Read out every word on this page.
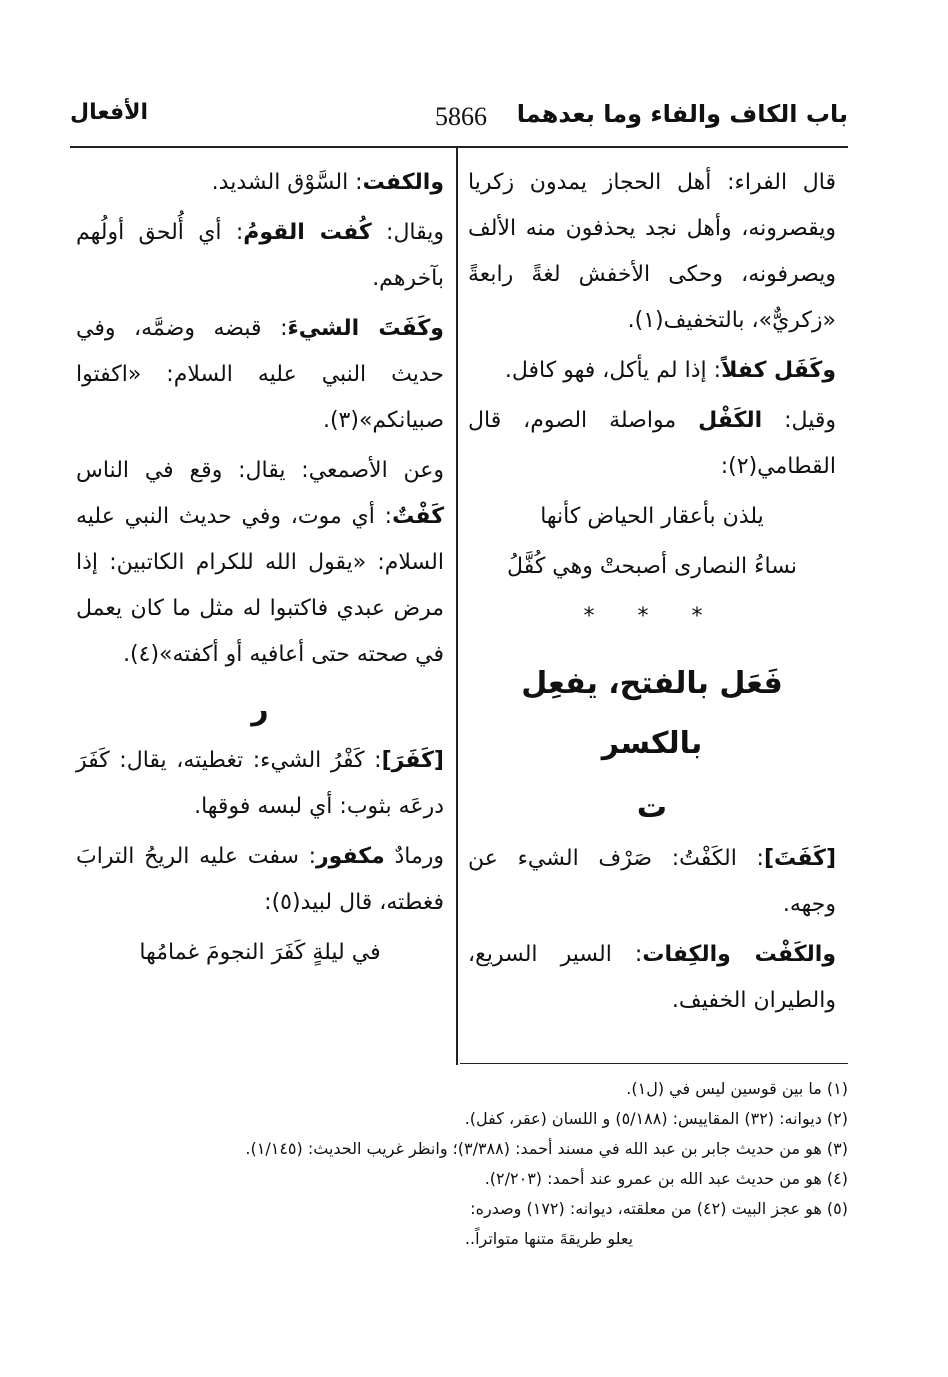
باب الكاف والفاء وما بعدهما
5866
الأفعال

قال الفراء: أهل الحجاز يمدون زكريا ويقصرونه، وأهل نجد يحذفون منه الألف ويصرفونه، وحكى الأخفش لغةً رابعةً «زكريٌّ»، بالتخفيف(١).

وكَفَل كفلاً: إذا لم يأكل، فهو كافل.

وقيل: الكَفْل مواصلة الصوم، قال القطامي(٢):

يلذن بأعقار الحياض كأنها

نساءُ النصارى أصبحتْ وهي كُفَّلُ

* * *

فَعَل بالفتح، يفعِل بالكسر
ت

[كَفَتَ]: الكَفْتُ: صَرْف الشيء عن وجهه.

والكَفْت والكِفات: السير السريع، والطيران الخفيف.

والكفت: السَّوْق الشديد.

ويقال: كُفت القومُ: أي أُلحق أولُهم بآخرهم.

وكَفَتَ الشيءَ: قبضه وضمَّه، وفي حديث النبي عليه السلام: «اكفتوا صبيانكم»(٣).

وعن الأصمعي: يقال: وقع في الناس كَفْتٌ: أي موت، وفي حديث النبي عليه السلام: «يقول الله للكرام الكاتبين: إذا مرض عبدي فاكتبوا له مثل ما كان يعمل في صحته حتى أعافيه أو أكفته»(٤).

ر

[كَفَرَ]: كَفْرُ الشيء: تغطيته، يقال: كَفَرَ درعَه بثوب: أي لبسه فوقها.

ورمادٌ مكفور: سفت عليه الريحُ الترابَ فغطته، قال لبيد(٥):

في ليلةٍ كَفَرَ النجومَ غمامُها

(١) ما بين قوسين ليس في (ل١).

(٢) ديوانه: (٣٢) المقاييس: (٥/١٨٨) و اللسان (عقر، كفل).

(٣) هو من حديث جابر بن عبد الله في مسند أحمد: (٣/٣٨٨)؛ وانظر غريب الحديث: (١/١٤٥).

(٤) هو من حديث عبد الله بن عمرو عند أحمد: (٢/٢٠٣).

(٥) هو عجز البيت (٤٢) من معلقته، ديوانه: (١٧٢) وصدره:

يعلو طريقةَ متنها متواتراً..
